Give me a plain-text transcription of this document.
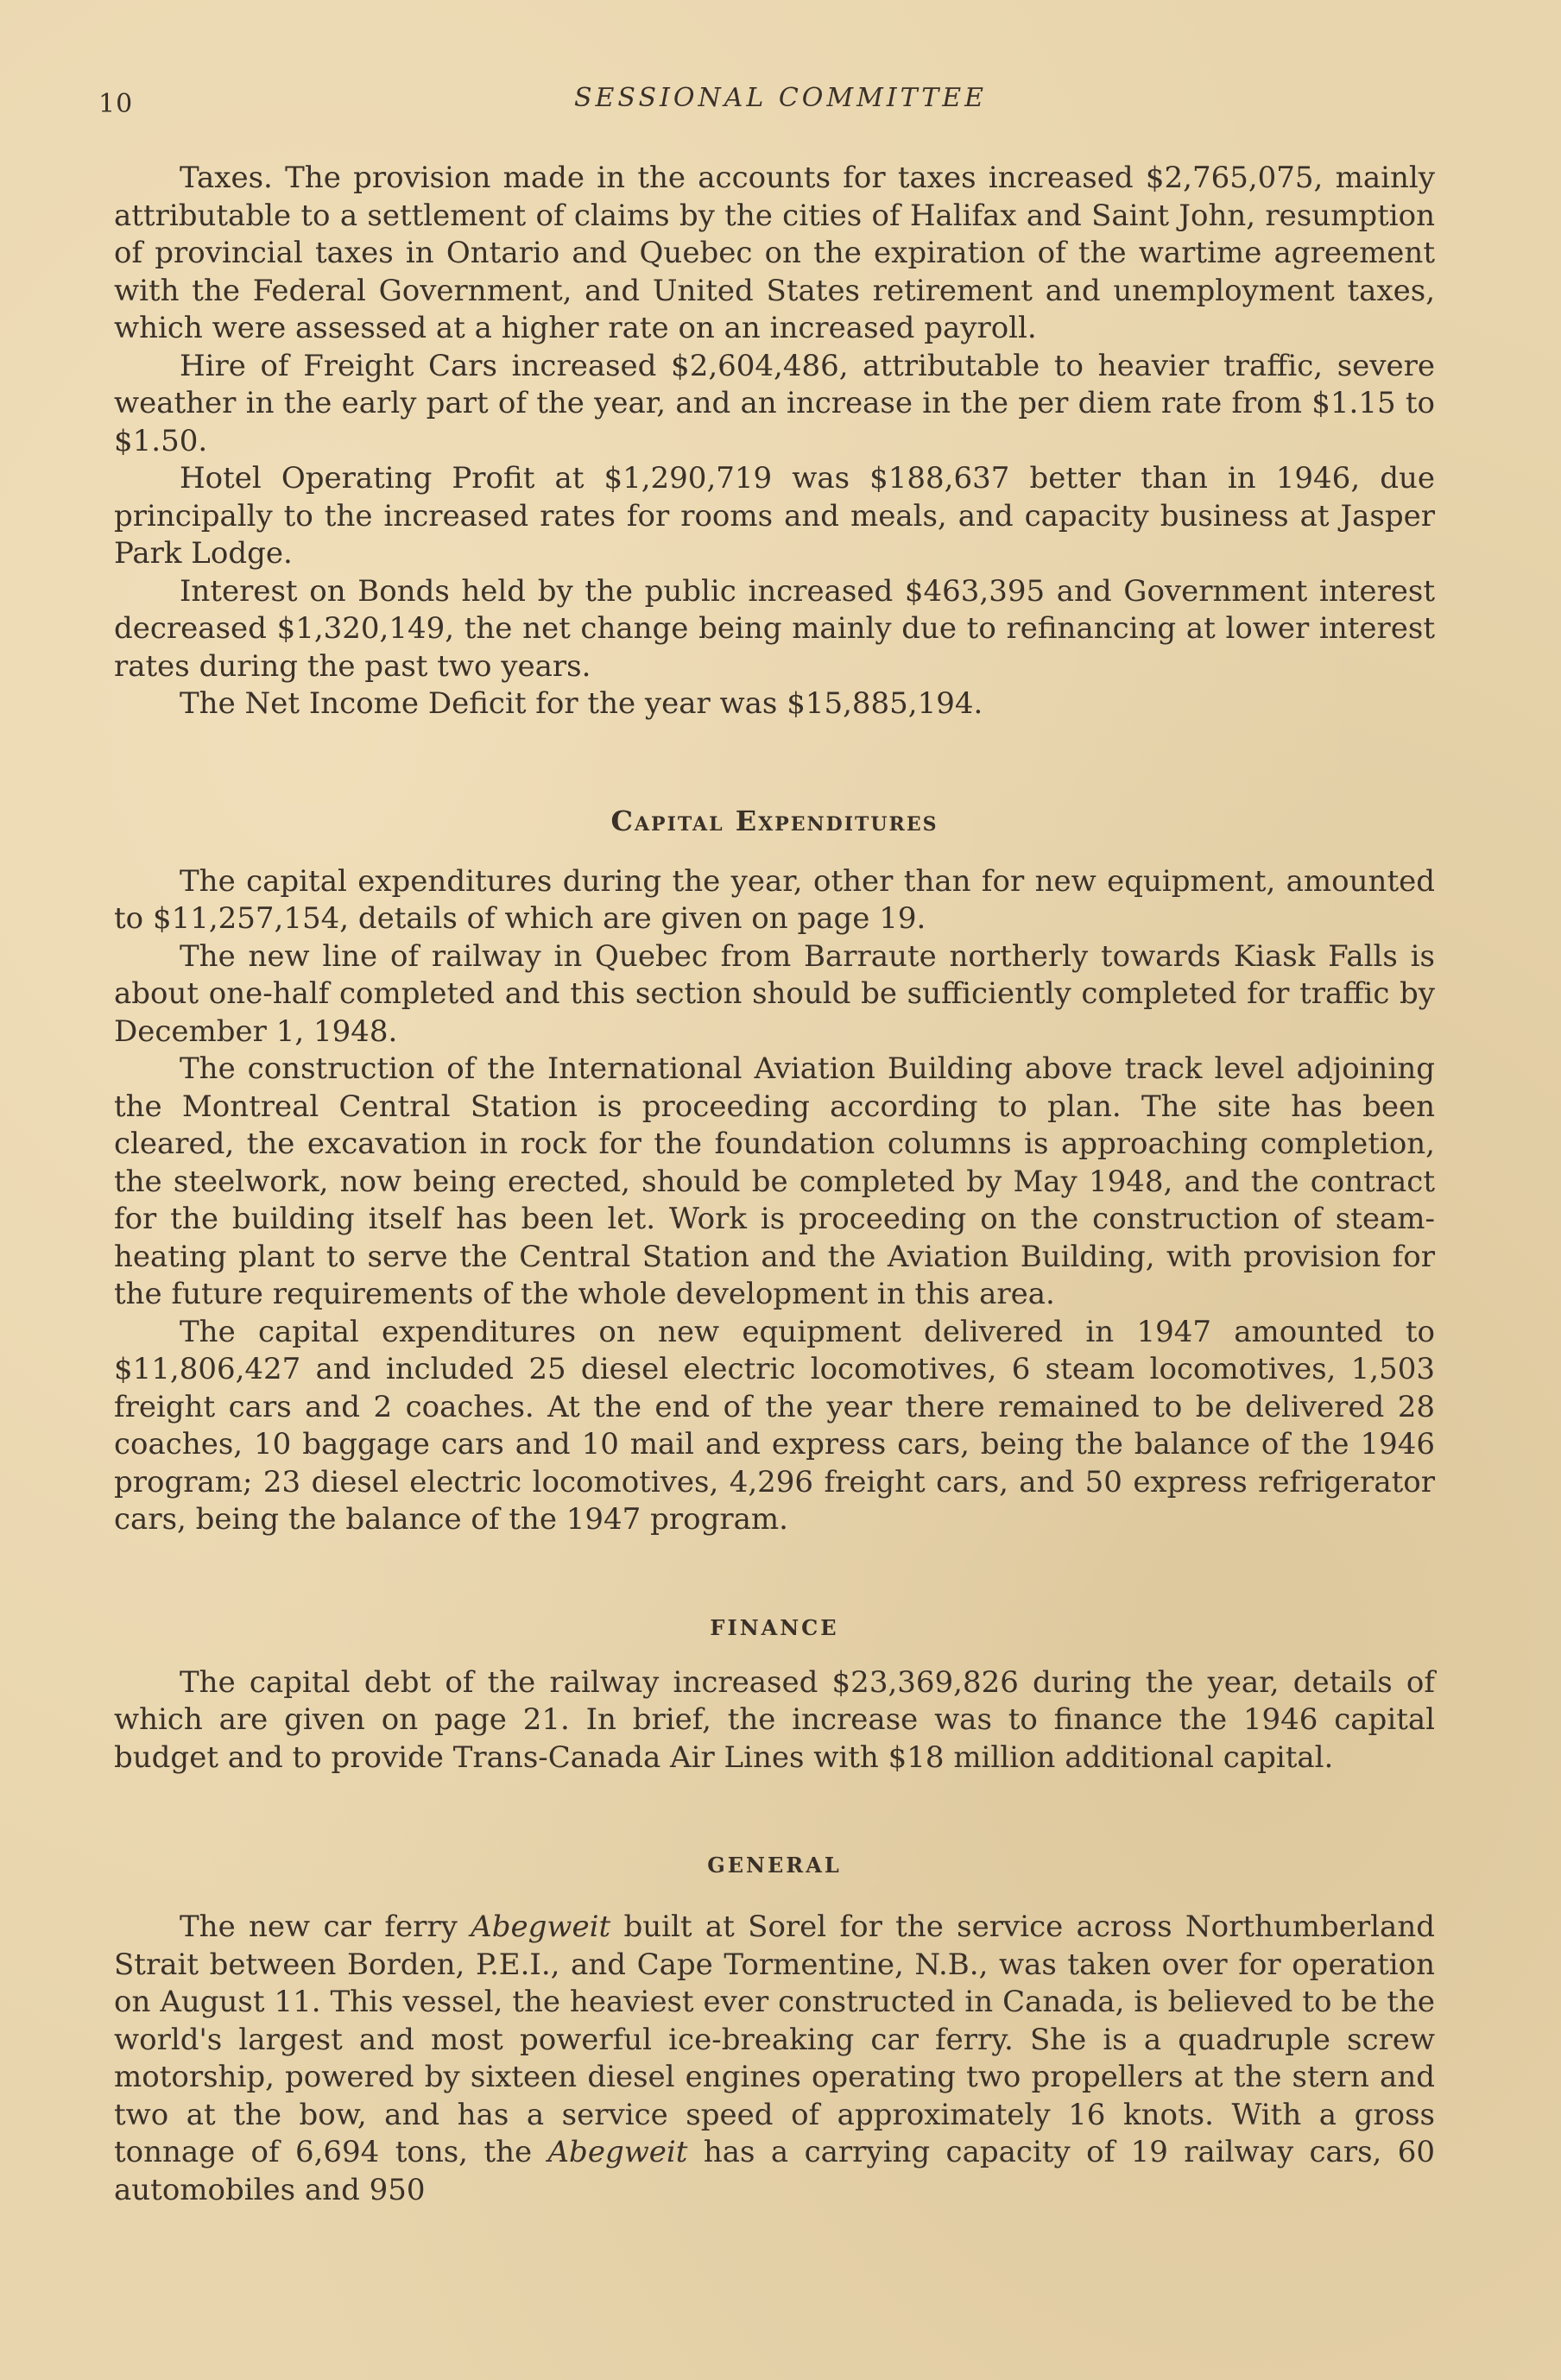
10	SESSIONAL COMMITTEE

Taxes. The provision made in the accounts for taxes increased $2,765,075, mainly attributable to a settlement of claims by the cities of Halifax and Saint John, resumption of provincial taxes in Ontario and Quebec on the expiration of the wartime agreement with the Federal Government, and United States retirement and unemployment taxes, which were assessed at a higher rate on an increased payroll.

Hire of Freight Cars increased $2,604,486, attributable to heavier traffic, severe weather in the early part of the year, and an increase in the per diem rate from $1.15 to $1.50.

Hotel Operating Profit at $1,290,719 was $188,637 better than in 1946, due principally to the increased rates for rooms and meals, and capacity business at Jasper Park Lodge.

Interest on Bonds held by the public increased $463,395 and Government interest decreased $1,320,149, the net change being mainly due to refinancing at lower interest rates during the past two years.

The Net Income Deficit for the year was $15,885,194.

Capital Expenditures

The capital expenditures during the year, other than for new equipment, amounted to $11,257,154, details of which are given on page 19.

The new line of railway in Quebec from Barraute northerly towards Kiask Falls is about one-half completed and this section should be sufficiently completed for traffic by December 1, 1948.

The construction of the International Aviation Building above track level adjoining the Montreal Central Station is proceeding according to plan. The site has been cleared, the excavation in rock for the foundation columns is approaching completion, the steelwork, now being erected, should be completed by May 1948, and the contract for the building itself has been let. Work is proceeding on the construction of steam-heating plant to serve the Central Station and the Aviation Building, with provision for the future requirements of the whole development in this area.

The capital expenditures on new equipment delivered in 1947 amounted to $11,806,427 and included 25 diesel electric locomotives, 6 steam locomotives, 1,503 freight cars and 2 coaches. At the end of the year there remained to be delivered 28 coaches, 10 baggage cars and 10 mail and express cars, being the balance of the 1946 program; 23 diesel electric locomotives, 4,296 freight cars, and 50 express refrigerator cars, being the balance of the 1947 program.

FINANCE

The capital debt of the railway increased $23,369,826 during the year, details of which are given on page 21. In brief, the increase was to finance the 1946 capital budget and to provide Trans-Canada Air Lines with $18 million additional capital.

GENERAL

The new car ferry Abegweit built at Sorel for the service across Northumberland Strait between Borden, P.E.I., and Cape Tormentine, N.B., was taken over for operation on August 11. This vessel, the heaviest ever constructed in Canada, is believed to be the world's largest and most powerful ice-breaking car ferry. She is a quadruple screw motorship, powered by sixteen diesel engines operating two propellers at the stern and two at the bow, and has a service speed of approximately 16 knots. With a gross tonnage of 6,694 tons, the Abegweit has a carrying capacity of 19 railway cars, 60 automobiles and 950
